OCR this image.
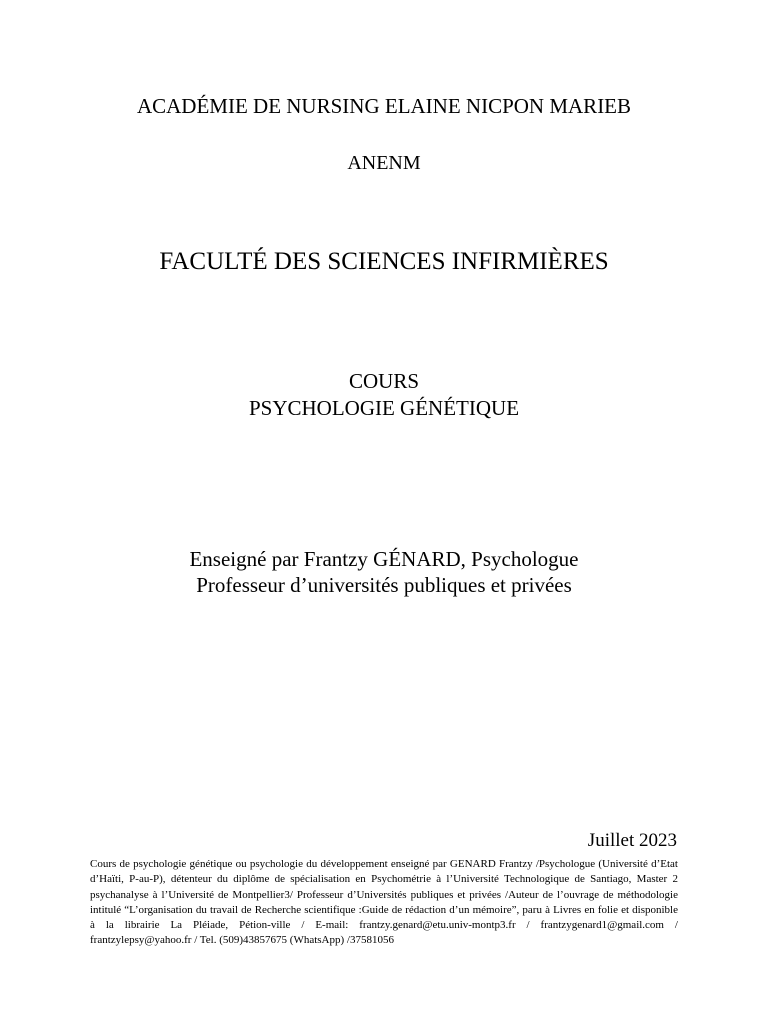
ACADÉMIE DE NURSING ELAINE NICPON MARIEB
ANENM
FACULTÉ DES SCIENCES INFIRMIÈRES
COURS
PSYCHOLOGIE GÉNÉTIQUE
Enseigné par Frantzy GÉNARD, Psychologue
Professeur d’universités publiques et privées
Juillet 2023
Cours de psychologie génétique ou psychologie du développement enseigné par GENARD Frantzy /Psychologue (Université d’Etat d’Haïti, P-au-P), détenteur du diplôme de spécialisation en Psychométrie à l’Université Technologique de Santiago, Master 2 psychanalyse à l’Université de Montpellier3/ Professeur d’Universités publiques et privées /Auteur de l’ouvrage de méthodologie intitulé “L’organisation du travail de Recherche scientifique :Guide de rédaction d’un mémoire”, paru à Livres en folie et disponible à la librairie La Pléiade, Pétion-ville / E-mail: frantzy.genard@etu.univ-montp3.fr / frantzygenard1@gmail.com / frantzylepsy@yahoo.fr / Tel. (509)43857675 (WhatsApp) /37581056
